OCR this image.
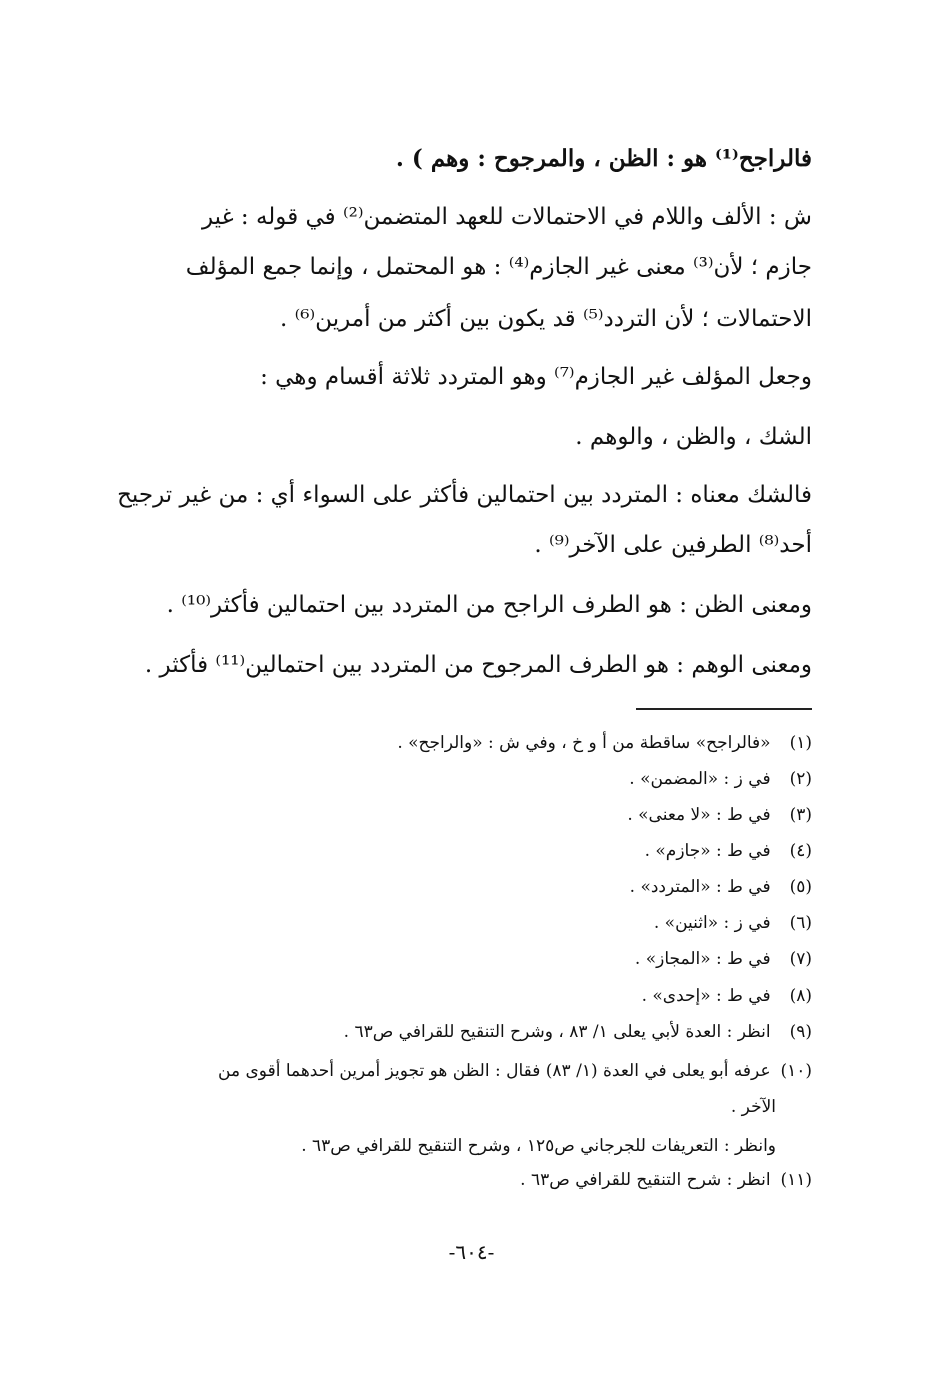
فالراجح⁽¹⁾ هو : الظن ، والمرجوح : وهم ) .
ش : الألف واللام في الاحتمالات للعهد المتضمن⁽²⁾ في قوله : غير
جازم ؛ لأن⁽³⁾ معنى غير الجازم⁽⁴⁾ : هو المحتمل ، وإنما جمع المؤلف
الاحتمالات ؛ لأن التردد⁽⁵⁾ قد يكون بين أكثر من أمرين⁽⁶⁾ .
وجعل المؤلف غير الجازم⁽⁷⁾ وهو المتردد ثلاثة أقسام وهي :
الشك ، والظن ، والوهم .
فالشك معناه : المتردد بين احتمالين فأكثر على السواء أي : من غير ترجيح
أحد⁽⁸⁾ الطرفين على الآخر⁽⁹⁾ .
ومعنى الظن : هو الطرف الراجح من المتردد بين احتمالين فأكثر⁽¹⁰⁾ .
ومعنى الوهم : هو الطرف المرجوح من المتردد بين احتمالين⁽¹¹⁾ فأكثر .
(١) «فالراجح» ساقطة من أ و خ ، وفي ش : «والراجح» .
(٢) في ز : «المضمن» .
(٣) في ط : «لا معنى» .
(٤) في ط : «جازم» .
(٥) في ط : «المتردد» .
(٦) في ز : «اثنين» .
(٧) في ط : «المجاز» .
(٨) في ط : «إحدى» .
(٩) انظر : العدة لأبي يعلى ١/ ٨٣ ، وشرح التنقيح للقرافي ص٦٣ .
(١٠) عرفه أبو يعلى في العدة (١/ ٨٣) فقال : الظن هو تجويز أمرين أحدهما أقوى من
الآخر .
وانظر : التعريفات للجرجاني ص١٢٥ ، وشرح التنقيح للقرافي ص٦٣ .
(١١) انظر : شرح التنقيح للقرافي ص٦٣ .
-٦٠٤-
